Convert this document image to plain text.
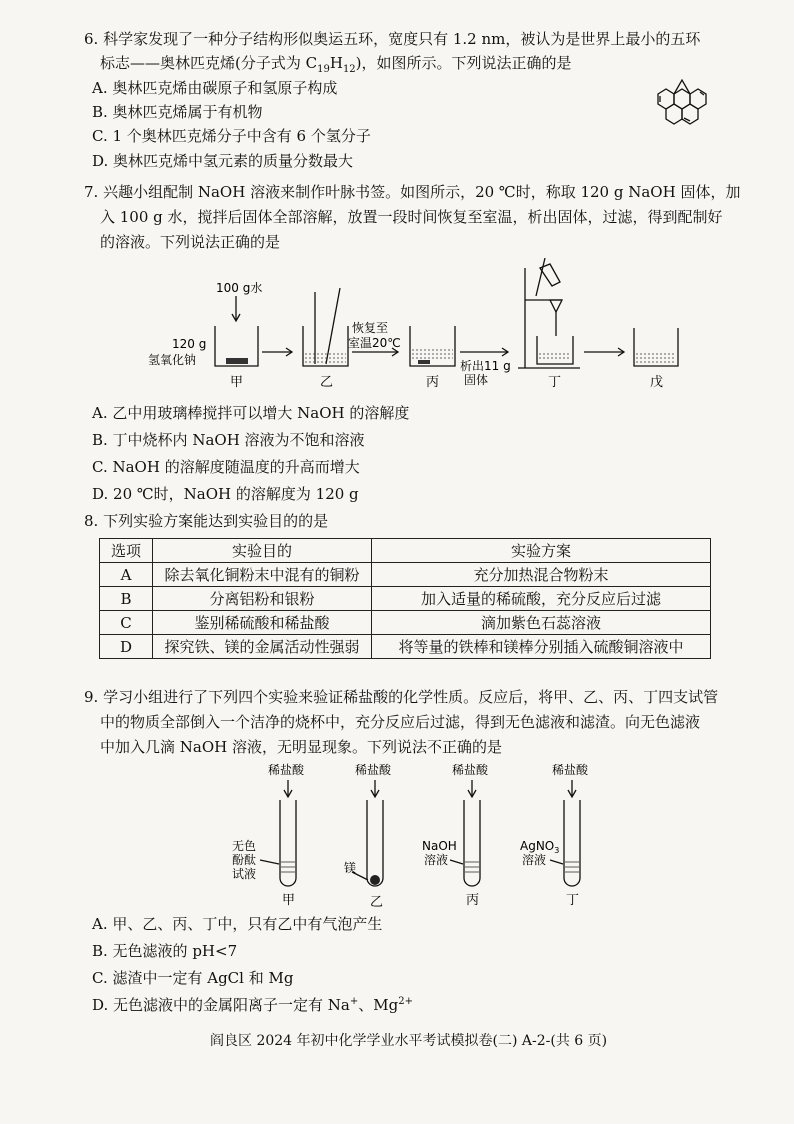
6. 科学家发现了一种分子结构形似奥运五环，宽度只有 1.2 nm，被认为是世界上最小的五环
标志——奥林匹克烯(分子式为 $C_{19}H_{12}$)，如图所示。下列说法正确的是
A. 奥林匹克烯由碳原子和氢原子构成
B. 奥林匹克烯属于有机物
C. 1 个奥林匹克烯分子中含有 6 个氢分子
D. 奥林匹克烯中氢元素的质量分数最大
7. 兴趣小组配制 NaOH 溶液来制作叶脉书签。如图所示，20 ℃时，称取 120 g NaOH 固体，加
入 100 g 水，搅拌后固体全部溶解，放置一段时间恢复至室温，析出固体，过滤，得到配制好
的溶液。下列说法正确的是
100 g水
120 g
氢氧化钠
恢复至
室温20℃
析出11 g
固体
甲	乙	丙	丁	戊
A. 乙中用玻璃棒搅拌可以增大 NaOH 的溶解度
B. 丁中烧杯内 NaOH 溶液为不饱和溶液
C. NaOH 的溶解度随温度的升高而增大
D. 20 ℃时，NaOH 的溶解度为 120 g
8. 下列实验方案能达到实验目的的是
选项	实验目的	实验方案
A	除去氧化铜粉末中混有的铜粉	充分加热混合物粉末
B	分离铝粉和银粉	加入适量的稀硫酸，充分反应后过滤
C	鉴别稀硫酸和稀盐酸	滴加紫色石蕊溶液
D	探究铁、镁的金属活动性强弱	将等量的铁棒和镁棒分别插入硫酸铜溶液中
9. 学习小组进行了下列四个实验来验证稀盐酸的化学性质。反应后，将甲、乙、丙、丁四支试管
中的物质全部倒入一个洁净的烧杯中，充分反应后过滤，得到无色滤液和滤渣。向无色滤液
中加入几滴 NaOH 溶液，无明显现象。下列说法不正确的是
稀盐酸	稀盐酸	稀盐酸	稀盐酸
无色
酚酞
试液	镁
NaOH
溶液
AgNO$_3$
溶液
甲	乙	丙	丁
A. 甲、乙、丙、丁中，只有乙中有气泡产生
B. 无色滤液的 pH<7
C. 滤渣中一定有 AgCl 和 Mg
D. 无色滤液中的金属阳离子一定有 Na+、$Mg^{2+}$
阎良区 2024 年初中化学学业水平考试模拟卷(二) A-2-(共 6 页)
